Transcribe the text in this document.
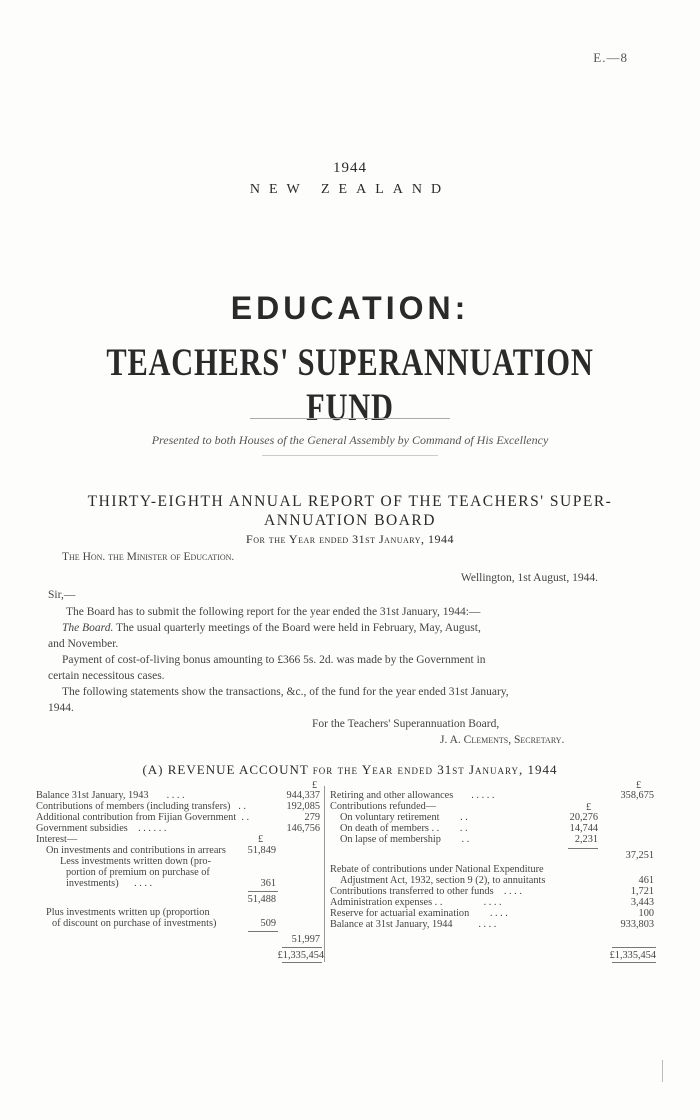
E.—8
1944
NEW ZEALAND
EDUCATION:
TEACHERS' SUPERANNUATION FUND
Presented to both Houses of the General Assembly by Command of His Excellency
THIRTY-EIGHTH ANNUAL REPORT OF THE TEACHERS' SUPER-
ANNUATION BOARD
For the Year ended 31st January, 1944
The Hon. the Minister of Education.
Wellington, 1st August, 1944.
Sir,—
The Board has to submit the following report for the year ended the 31st January, 1944:—
The Board. The usual quarterly meetings of the Board were held in February, May, August,
and November.
Payment of cost-of-living bonus amounting to £366 5s. 2d. was made by the Government in
certain necessitous cases.
The following statements show the transactions, &c., of the fund for the year ended 31st January,
1944.
For the Teachers' Superannuation Board,
J. A. Clements, Secretary.
(A) REVENUE ACCOUNT for the Year ended 31st January, 1944
£
Balance 31st January, 1943 . . . .	944,337
Contributions of members (including transfers) . .	192,085
Additional contribution from Fijian Government . .	279
Government subsidies . . . . . .	146,756
Interest—	£
On investments and contributions in arrears	51,849
Less investments written down (pro-
portion of premium on purchase of
investments) . . . .	361
51,488
Plus investments written up (proportion
of discount on purchase of investments)	509
51,997
£1,335,454
£
Retiring and other allowances . . . . .	358,675
Contributions refunded—	£
On voluntary retirement . .	20,276
On death of members . . . .	14,744
On lapse of membership . .	2,231
37,251
Rebate of contributions under National Expenditure
Adjustment Act, 1932, section 9 (2), to annuitants	461
Contributions transferred to other funds . . . .	1,721
Administration expenses . .	. . . .	3,443
Reserve for actuarial examination . . . .	100
Balance at 31st January, 1944	. . . .	933,803
£1,335,454
